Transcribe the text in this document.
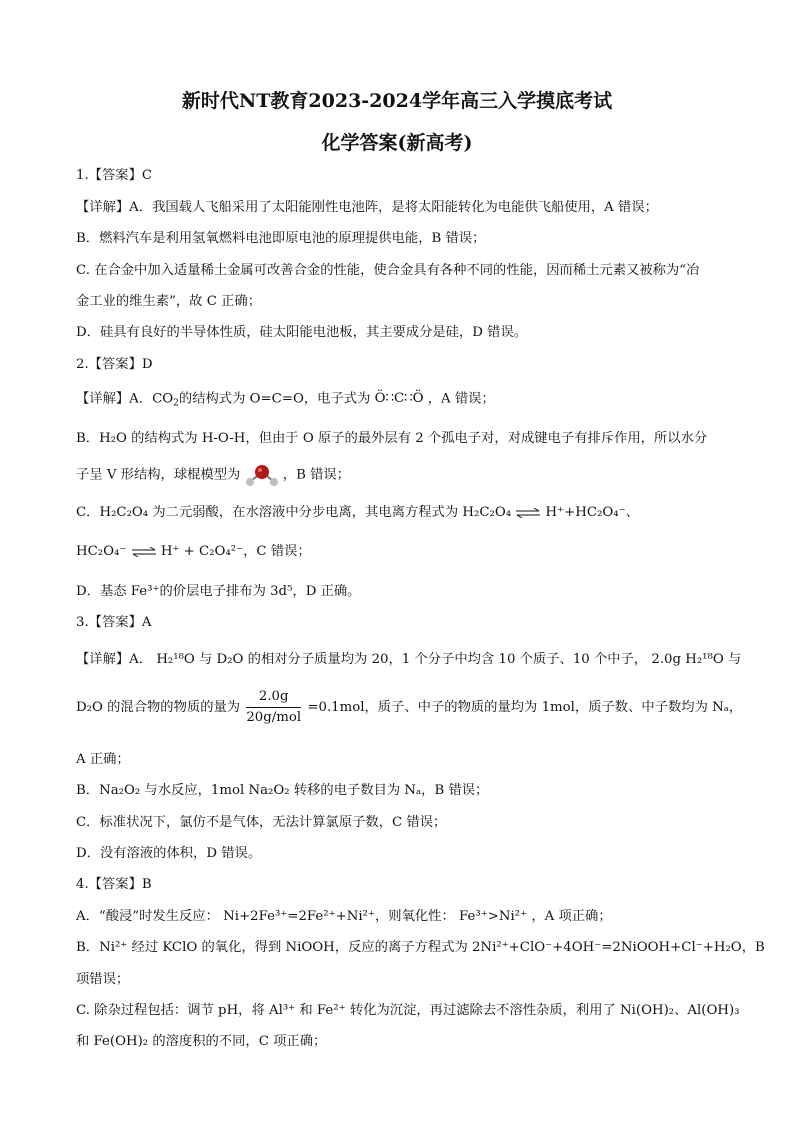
新时代NT教育2023-2024学年高三入学摸底考试
化学答案(新高考)
1.【答案】C
【详解】A．我国载人飞船采用了太阳能刚性电池阵，是将太阳能转化为电能供飞船使用，A 错误；
B．燃料汽车是利用氢氧燃料电池即原电池的原理提供电能，B 错误；
C. 在合金中加入适量稀土金属可改善合金的性能，使合金具有各种不同的性能，因而稀土元素又被称为“冶
金工业的维生素”，故 C 正确；
D．硅具有良好的半导体性质，硅太阳能电池板，其主要成分是硅，D 错误。
2.【答案】D
【详解】A．$CO_2$的结构式为 O=C=O，电子式为 Ö∷C∷Ö ，A 错误；
B．H₂O 的结构式为 H-O-H，但由于 O 原子的最外层有 2 个孤电子对，对成键电子有排斥作用，所以水分
子呈 V 形结构，球棍模型为	，B 错误；
C．H₂C₂O₄ 为二元弱酸，在水溶液中分步电离，其电离方程式为 H₂C₂O₄ ⇌ H⁺+HC₂O₄⁻、
HC₂O₄⁻ ⇌ H⁺ + C₂O₄²⁻，C 错误；
D．基态 Fe³⁺的价层电子排布为 3d⁵，D 正确。
3.【答案】A
【详解】A． H₂¹⁸O 与 D₂O 的相对分子质量均为 20，1 个分子中均含 10 个质子、10 个中子， 2.0g H₂¹⁸O 与
D₂O 的混合物的物质的量为 $\frac{2.0g}{\text{20g/mol}} =0.1mol$，质子、中子的物质的量均为 1mol，质子数、中子数均为 Nₐ，
A 正确；
B．Na₂O₂ 与水反应，1mol Na₂O₂ 转移的电子数目为 Nₐ，B 错误；
C．标准状况下，氯仿不是气体，无法计算氯原子数，C 错误；
D．没有溶液的体积，D 错误。
4.【答案】B
A．“酸浸”时发生反应： Ni+2Fe³⁺=2Fe²⁺+Ni²⁺，则氧化性： Fe³⁺>Ni²⁺ ，A 项正确；
B．Ni²⁺ 经过 KClO 的氧化，得到 NiOOH，反应的离子方程式为 2Ni²⁺+ClO⁻+4OH⁻=2NiOOH+Cl⁻+H₂O，B
项错误；
C. 除杂过程包括：调节 pH，将 Al³⁺ 和 Fe²⁺ 转化为沉淀，再过滤除去不溶性杂质，利用了 Ni(OH)₂、Al(OH)₃
和 Fe(OH)₂ 的溶度积的不同，C 项正确；
